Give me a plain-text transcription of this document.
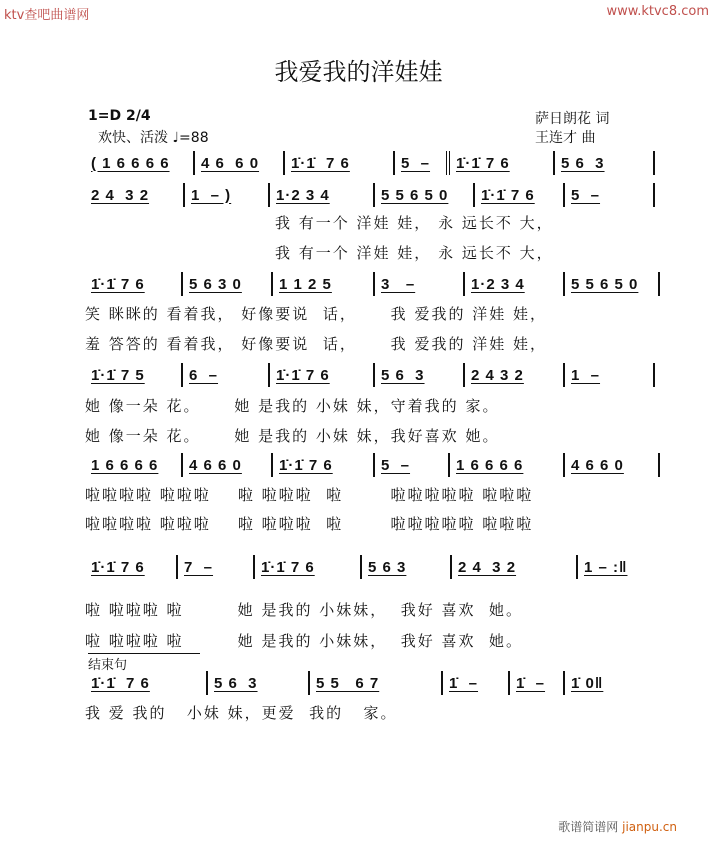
ktv查吧曲谱网	www.ktvc8.com
我爱我的洋娃娃
1=D 2/4
欢快、活泼 ♩=88
萨日朗花 词
王连才 曲
( 1 6 6 6 6	4 6  6 0	1̇·1̇  7 6	5  –	1̇·1̇ 7 6	5 6  3
2 4  3 2	1  – )	1·2 3 4	5 5 6 5 0	1̇·1̇ 7 6	5  –
1̇·1̇ 7 6	5 6 3 0	1 1 2 5	3   –	1·2 3 4	5 5 6 5 0
1̇·1̇ 7 5	6  –	1̇·1̇ 7 6	5 6  3	2 4 3 2	1  –
1 6 6 6 6	4 6 6 0	1̇·1̇ 7 6	5  –	1 6 6 6 6	4 6 6 0
1̇·1̇ 7 6	7  –	1̇·1̇ 7 6	5 6 3	2 4  3 2	1 – :‖
1̇·1̇  7 6	5 6  3	5 5   6 7	1̇  –	1̇  –	1̇ 0‖
我 有一个 洋娃 娃， 永 远长不 大，
我 有一个 洋娃 娃， 永 远长不 大，
笑 眯眯的 看着我， 好像要说  话，     我 爱我的 洋娃 娃，
羞 答答的 看着我， 好像要说  话，     我 爱我的 洋娃 娃，
她 像一朵 花。     她 是我的 小妹 妹，守着我的 家。
她 像一朵 花。     她 是我的 小妹 妹，我好喜欢 她。
啦啦啦啦 啦啦啦    啦 啦啦啦  啦       啦啦啦啦啦 啦啦啦
啦啦啦啦 啦啦啦    啦 啦啦啦  啦       啦啦啦啦啦 啦啦啦
啦 啦啦啦 啦        她 是我的 小妹妹，  我好 喜欢  她。
啦 啦啦啦 啦        她 是我的 小妹妹，  我好 喜欢  她。
我 爱 我的   小妹 妹，更爱  我的   家。
结束句
歌谱简谱网 jianpu.cn
